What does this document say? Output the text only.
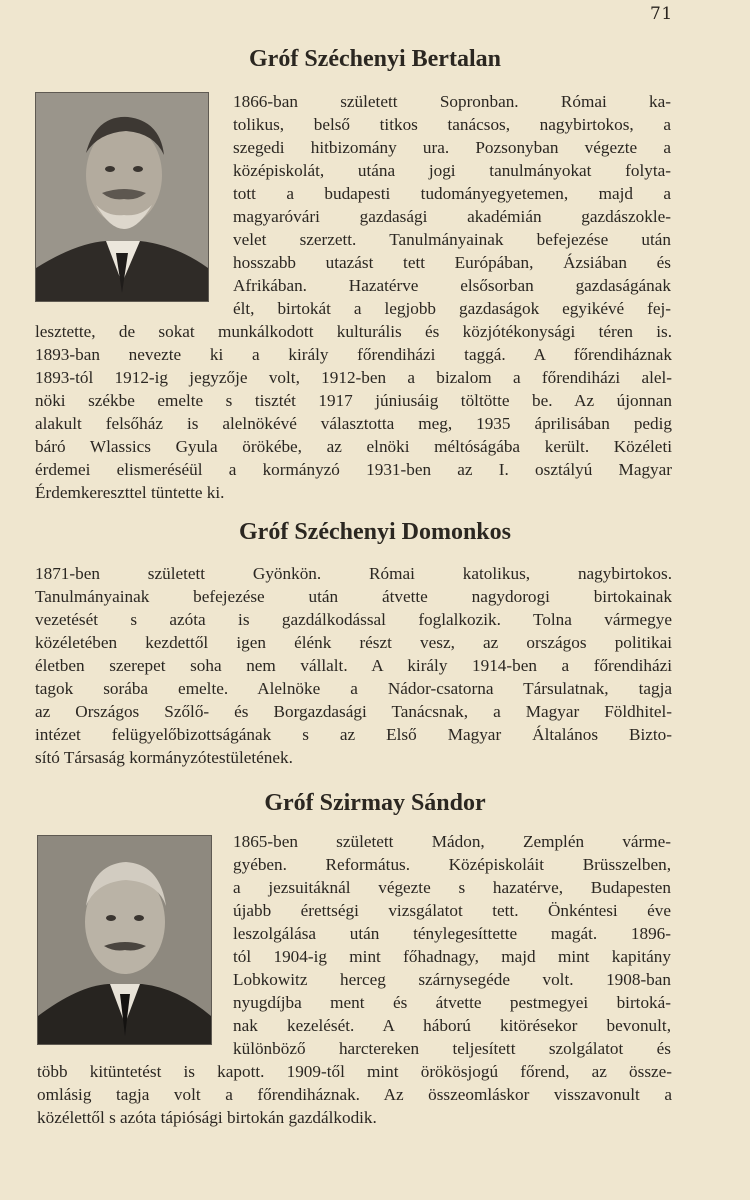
71
Gróf Széchenyi Bertalan
1866-ban született Sopronban. Római ka-
tolikus, belső titkos tanácsos, nagybirtokos, a
szegedi hitbizomány ura. Pozsonyban végezte a
középiskolát, utána jogi tanulmányokat folyta-
tott a budapesti tudományegyetemen, majd a
magyaróvári gazdasági akadémián gazdászokle-
velet szerzett. Tanulmányainak befejezése után
hosszabb utazást tett Európában, Ázsiában és
Afrikában. Hazatérve elsősorban gazdaságának
élt, birtokát a legjobb gazdaságok egyikévé fej-
lesztette, de sokat munkálkodott kulturális és közjótékonysági téren is.
1893-ban nevezte ki a király főrendiházi taggá. A főrendiháznak
1893-tól 1912-ig jegyzője volt, 1912-ben a bizalom a főrendiházi alel-
nöki székbe emelte s tisztét 1917 júniusáig töltötte be. Az újonnan
alakult felsőház is alelnökévé választotta meg, 1935 áprilisában pedig
báró Wlassics Gyula örökébe, az elnöki méltóságába került. Közéleti
érdemei elismeréséül a kormányzó 1931-ben az I. osztályú Magyar
Érdemkereszttel tüntette ki.
Gróf Széchenyi Domonkos
1871-ben született Gyönkön. Római katolikus, nagybirtokos.
Tanulmányainak befejezése után átvette nagydorogi birtokainak
vezetését s azóta is gazdálkodással foglalkozik. Tolna vármegye
közéletében kezdettől igen élénk részt vesz, az országos politikai
életben szerepet soha nem vállalt. A király 1914-ben a főrendiházi
tagok sorába emelte. Alelnöke a Nádor-csatorna Társulatnak, tagja
az Országos Szőlő- és Borgazdasági Tanácsnak, a Magyar Földhitel-
intézet felügyelőbizottságának s az Első Magyar Általános Bizto-
sító Társaság kormányzótestületének.
Gróf Szirmay Sándor
1865-ben született Mádon, Zemplén várme-
gyében. Református. Középiskoláit Brüsszelben,
a jezsuitáknál végezte s hazatérve, Budapesten
újabb érettségi vizsgálatot tett. Önkéntesi éve
leszolgálása után ténylegesíttette magát. 1896-
tól 1904-ig mint főhadnagy, majd mint kapitány
Lobkowitz herceg szárnysegéde volt. 1908-ban
nyugdíjba ment és átvette pestmegyei birtoká-
nak kezelését. A háború kitörésekor bevonult,
különböző harctereken teljesített szolgálatot és
több kitüntetést is kapott. 1909-től mint örökösjogú főrend, az össze-
omlásig tagja volt a főrendiháznak. Az összeomláskor visszavonult a
közélettől s azóta tápiósági birtokán gazdálkodik.
